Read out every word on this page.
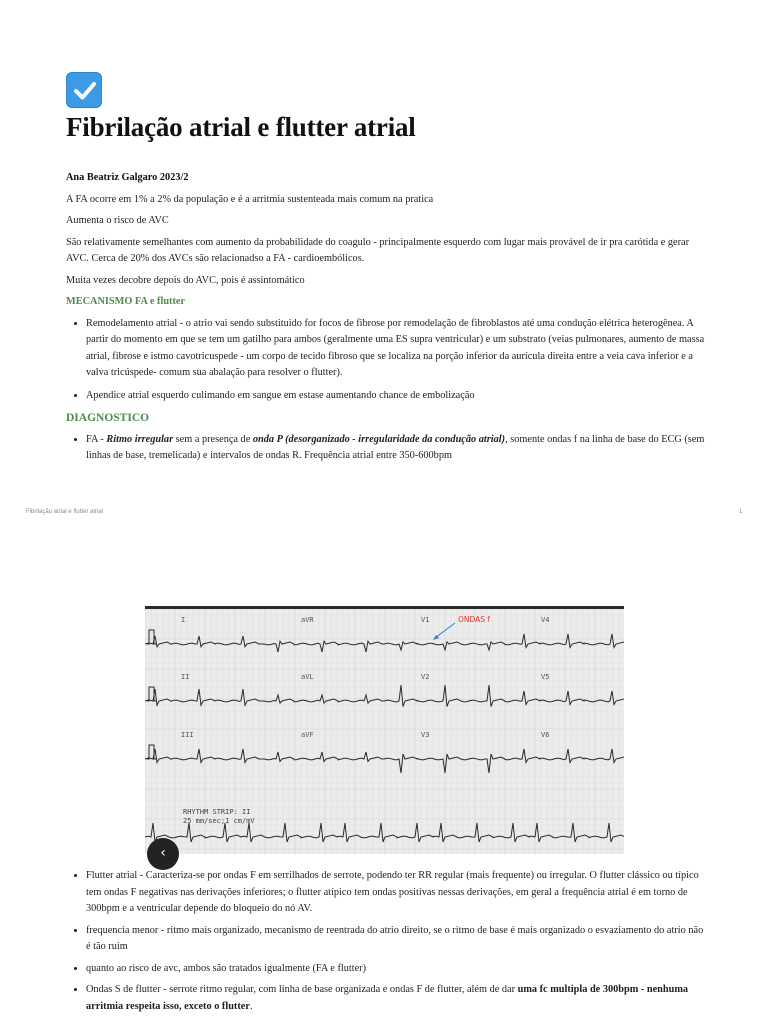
Fibrilação atrial e flutter atrial

Ana Beatriz Galgaro 2023/2

A FA ocorre em 1% a 2% da população e é a arritmia sustenteada mais comum na pratica

Aumenta o risco de AVC

São relativamente semelhantes com aumento da probabilidade do coagulo - principalmente esquerdo com lugar mais provável de ir pra carótida e gerar AVC. Cerca de 20% dos AVCs são relacionadso a FA - cardioembólicos.

Muita vezes decobre depois do AVC, pois é assintomático

MECANISMO FA e flutter

• Remodelamento atrial - o atrio vai sendo substituido for focos de fibrose por remodelação de fibroblastos até uma condução elétrica heterogênea. A partir do momento em que se tem um gatilho para ambos (geralmente uma ES supra ventricular) e um substrato (veias pulmonares, aumento de massa atrial, fibrose e istmo cavotricuspede - um corpo de tecido fibroso que se localiza na porção inferior da aurícula direita entre a veia cava inferior e a valva tricúspede- comum sua abalação para resolver o flutter).
• Apendice atrial esquerdo culimando em sangue em estase aumentando chance de embolização

DIAGNOSTICO

• FA - Ritmo irregular sem a presença de onda P (desorganizado - irregularidade da condução atrial), somente ondas f na linha de base do ECG (sem linhas de base, tremelicada) e intervalos de ondas R. Frequência atrial entre 350-600bpm
Fibrilação atrial e flutter atrial	1
I	aVR	V1	V4
II	aVL	V2	V5
III	aVF	V3	V6
RHYTHM STRIP: II
25 mm/sec;1 cm/mV
ONDAS f
‹
• Flutter atrial - Caracteriza-se por ondas F em serrilhados de serrote, podendo ter RR regular (mais frequente) ou irregular. O flutter clássico ou típico tem ondas F negativas nas derivações inferiores; o flutter atípico tem ondas positivas nessas derivações, em geral a frequência atrial é em torno de 300bpm e a ventricular depende do bloqueio do nó AV.
• frequencia menor - ritmo mais organizado, mecanismo de reentrada do atrio direito, se o ritmo de base é mais organizado o esvaziamento do atrio não é tão ruim
• quanto ao risco de avc, ambos são tratados igualmente (FA e flutter)
• Ondas S de flutter - serrote ritmo regular, com linha de base organizada e ondas F de flutter, além de dar uma fc multipla de 300bpm - nenhuma arritmia respeita isso, exceto o flutter.
